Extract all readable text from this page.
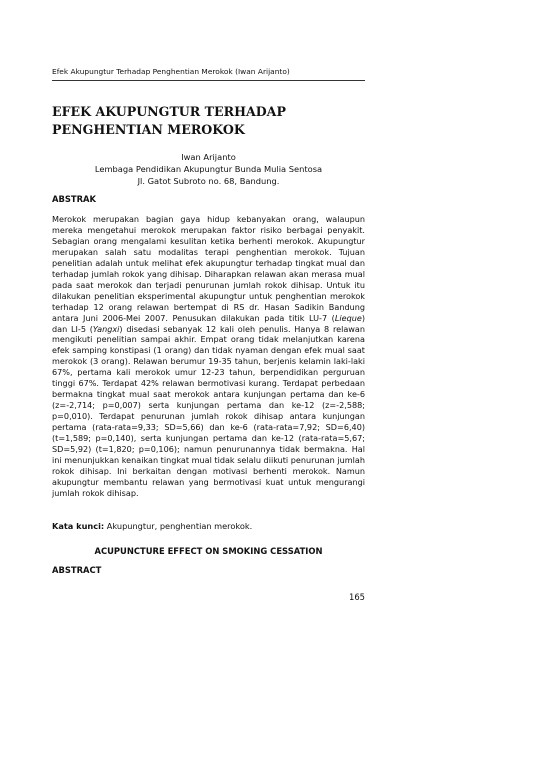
Efek Akupungtur Terhadap Penghentian Merokok (Iwan Arijanto)
EFEK AKUPUNGTUR TERHADAP PENGHENTIAN MEROKOK
Iwan Arijanto
Lembaga Pendidikan Akupungtur Bunda Mulia Sentosa
Jl. Gatot Subroto no. 68, Bandung.
ABSTRAK

Merokok merupakan bagian gaya hidup kebanyakan orang, walaupun mereka mengetahui merokok merupakan faktor risiko berbagai penyakit. Sebagian orang mengalami kesulitan ketika berhenti merokok. Akupungtur merupakan salah satu modalitas terapi penghentian merokok. Tujuan penelitian adalah untuk melihat efek akupungtur terhadap tingkat mual dan terhadap jumlah rokok yang dihisap. Diharapkan relawan akan merasa mual pada saat merokok dan terjadi penurunan jumlah rokok dihisap. Untuk itu dilakukan penelitian eksperimental akupungtur untuk penghentian merokok terhadap 12 orang relawan bertempat di RS dr. Hasan Sadikin Bandung antara Juni 2006-Mei 2007. Penusukan dilakukan pada titik LU-7 (Lieque) dan LI-5 (Yangxi) disedasi sebanyak 12 kali oleh penulis. Hanya 8 relawan mengikuti penelitian sampai akhir. Empat orang tidak melanjutkan karena efek samping konstipasi (1 orang) dan tidak nyaman dengan efek mual saat merokok (3 orang). Relawan berumur 19-35 tahun, berjenis kelamin laki-laki 67%, pertama kali merokok umur 12-23 tahun, berpendidikan perguruan tinggi 67%. Terdapat 42% relawan bermotivasi kurang. Terdapat perbedaan bermakna tingkat mual saat merokok antara kunjungan pertama dan ke-6 (z=-2,714; p=0,007) serta kunjungan pertama dan ke-12 (z=-2,588; p=0,010). Terdapat penurunan jumlah rokok dihisap antara kunjungan pertama (rata-rata=9,33; SD=5,66) dan ke-6 (rata-rata=7,92; SD=6,40) (t=1,589; p=0,140), serta kunjungan pertama dan ke-12 (rata-rata=5,67; SD=5,92) (t=1,820; p=0,106); namun penurunannya tidak bermakna. Hal ini menunjukkan kenaikan tingkat mual tidak selalu diikuti penurunan jumlah rokok dihisap. Ini berkaitan dengan motivasi berhenti merokok. Namun akupungtur membantu relawan yang bermotivasi kuat untuk mengurangi jumlah rokok dihisap.

Kata kunci: Akupungtur, penghentian merokok.
ACUPUNCTURE EFFECT ON SMOKING CESSATION
ABSTRACT
165
